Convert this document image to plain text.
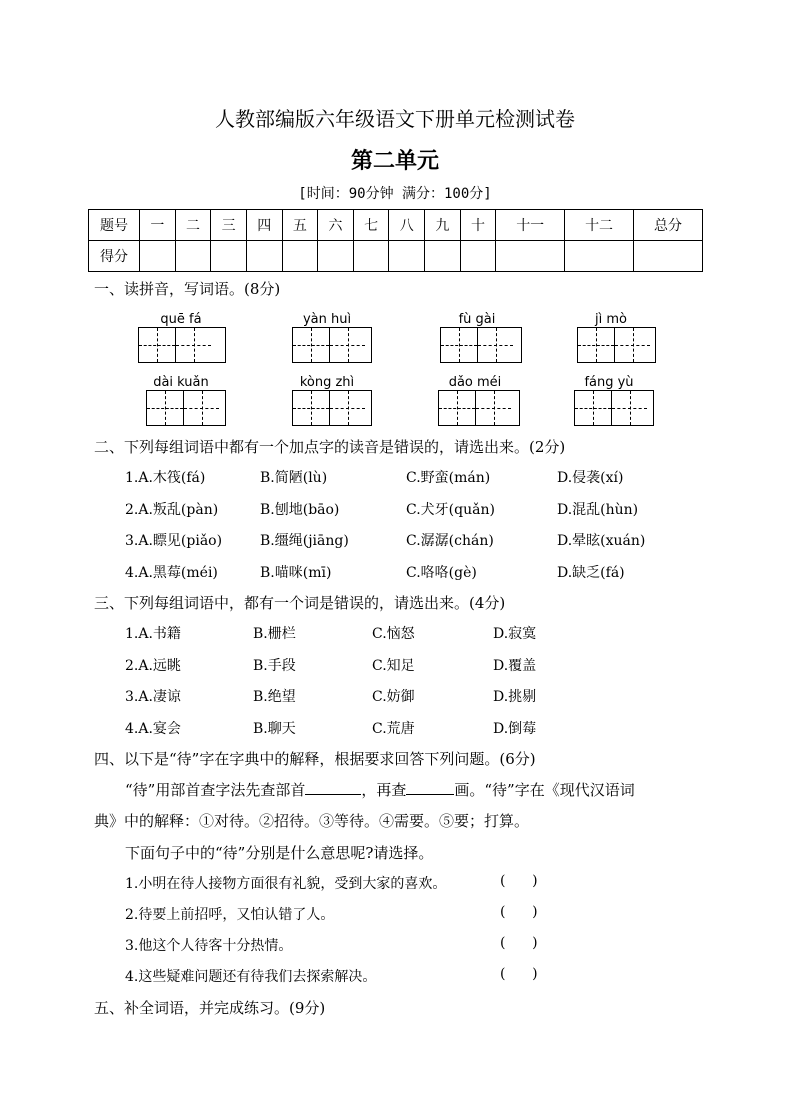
人教部编版六年级语文下册单元检测试卷
第二单元
[时间：90分钟 满分：100分]
题号	一	二	三	四	五	六	七	八	九	十	十一	十二	总分
得分													
一、读拼音，写词语。(8分)
quē fá	yàn huì	fù gài	jì mò
dài kuǎn	kòng zhì	dǎo méi	fáng yù
二、下列每组词语中都有一个加点字的读音是错误的，请选出来。(2分)
1.A.木筏(fá)	B.简陋(lù)	C.野蛮(mán)	D.侵袭(xí)
2.A.叛乱(pàn)	B.刨地(bāo)	C.犬牙(quǎn)	D.混乱(hùn)
3.A.瞟见(piǎo)	B.缰绳(jiāng)	C.潺潺(chán)	D.晕眩(xuán)
4.A.黑莓(méi)	B.喵咪(mī)	C.咯咯(gè)	D.缺乏(fá)
三、下列每组词语中，都有一个词是错误的，请选出来。(4分)
1.A.书籍	B.栅栏	C.恼怒	D.寂寞
2.A.远眺	B.手段	C.知足	D.覆盖
3.A.凄谅	B.绝望	C.妨御	D.挑剔
4.A.宴会	B.聊天	C.荒唐	D.倒莓
四、以下是“待”字在字典中的解释，根据要求回答下列问题。(6分)
“待”用部首查字法先查部首	，再查	画。“待”字在《现代汉语词
典》中的解释：①对待。②招待。③等待。④需要。⑤要；打算。
下面句子中的“待”分别是什么意思呢?请选择。
1.小明在待人接物方面很有礼貌，受到大家的喜欢。	(      )
2.待要上前招呼，又怕认错了人。	(      )
3.他这个人待客十分热情。	(      )
4.这些疑难问题还有待我们去探索解决。	(      )
五、补全词语，并完成练习。(9分)
